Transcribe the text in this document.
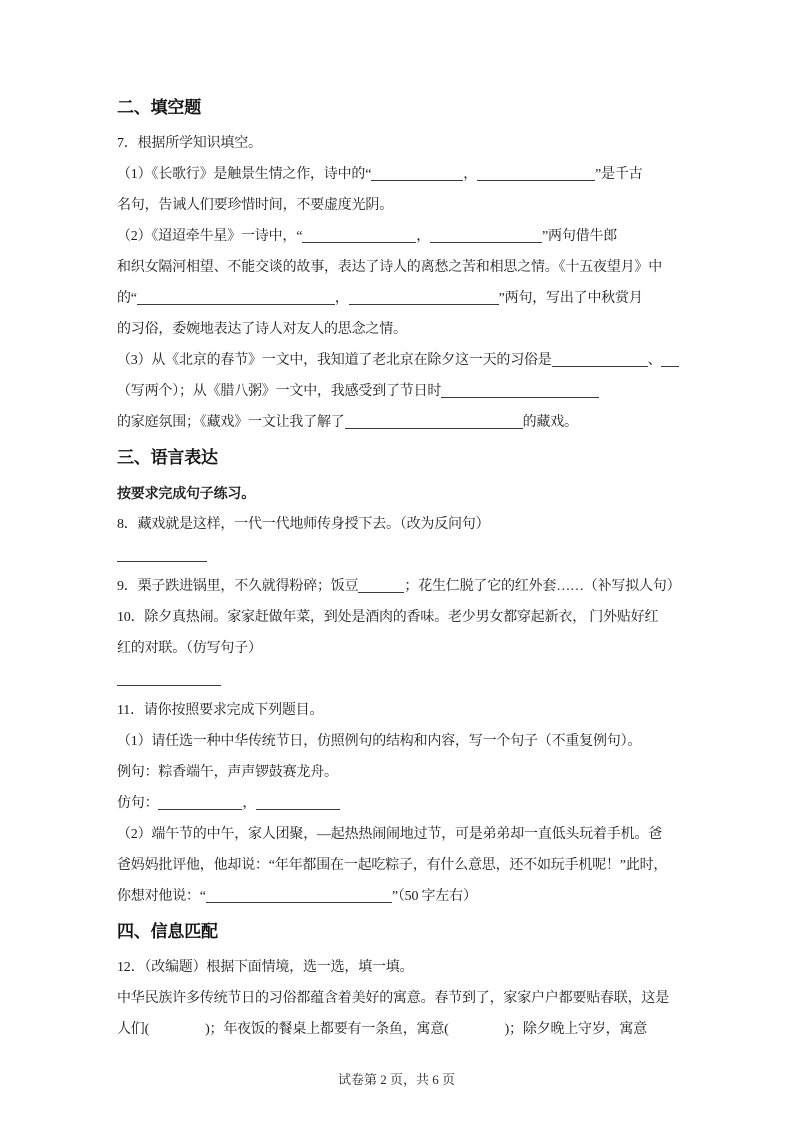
二、填空题

7．根据所学知识填空。

（1）《长歌行》是触景生情之作，诗中的“	，	”是千古

名句，告诫人们要珍惜时间，不要虚度光阴。

（2）《迢迢牵牛星》一诗中，“	，	”两句借牛郎

和织女隔河相望、不能交谈的故事，表达了诗人的离愁之苦和相思之情。《十五夜望月》中

的“	，	”两句，写出了中秋赏月

的习俗，委婉地表达了诗人对友人的思念之情。

（3）从《北京的春节》一文中，我知道了老北京在除夕这一天的习俗是	、

（写两个）；从《腊八粥》一文中，我感受到了节日时

的家庭氛围；《藏戏》一文让我了解了	的藏戏。

三、语言表达

按要求完成句子练习。

8．藏戏就是这样，一代一代地师传身授下去。（改为反问句）

9．栗子跌进锅里，不久就得粉碎；饭豆	；花生仁脱了它的红外套……（补写拟人句）

10．除夕真热闹。家家赶做年菜，到处是酒肉的香味。老少男女都穿起新衣， 门外贴好红

红的对联。（仿写句子）

11．请你按照要求完成下列题目。

（1）请任选一种中华传统节日，仿照例句的结构和内容，写一个句子（不重复例句）。

例句：粽香端午，声声锣鼓赛龙舟。

仿句：	，

（2）端午节的中午，家人团聚，—起热热闹闹地过节，可是弟弟却一直低头玩着手机。爸

爸妈妈批评他，他却说：“年年都围在一起吃粽子，有什么意思，还不如玩手机呢！”此时，

你想对他说：“	”（50 字左右）

四、信息匹配

12．（改编题）根据下面情境，选一选，填一填。

中华民族许多传统节日的习俗都蕴含着美好的寓意。春节到了，家家户户都要贴春联，这是

人们(	)；年夜饭的餐桌上都要有一条鱼，寓意(	)；除夕晚上守岁，寓意

试卷第 2 页，共 6 页
